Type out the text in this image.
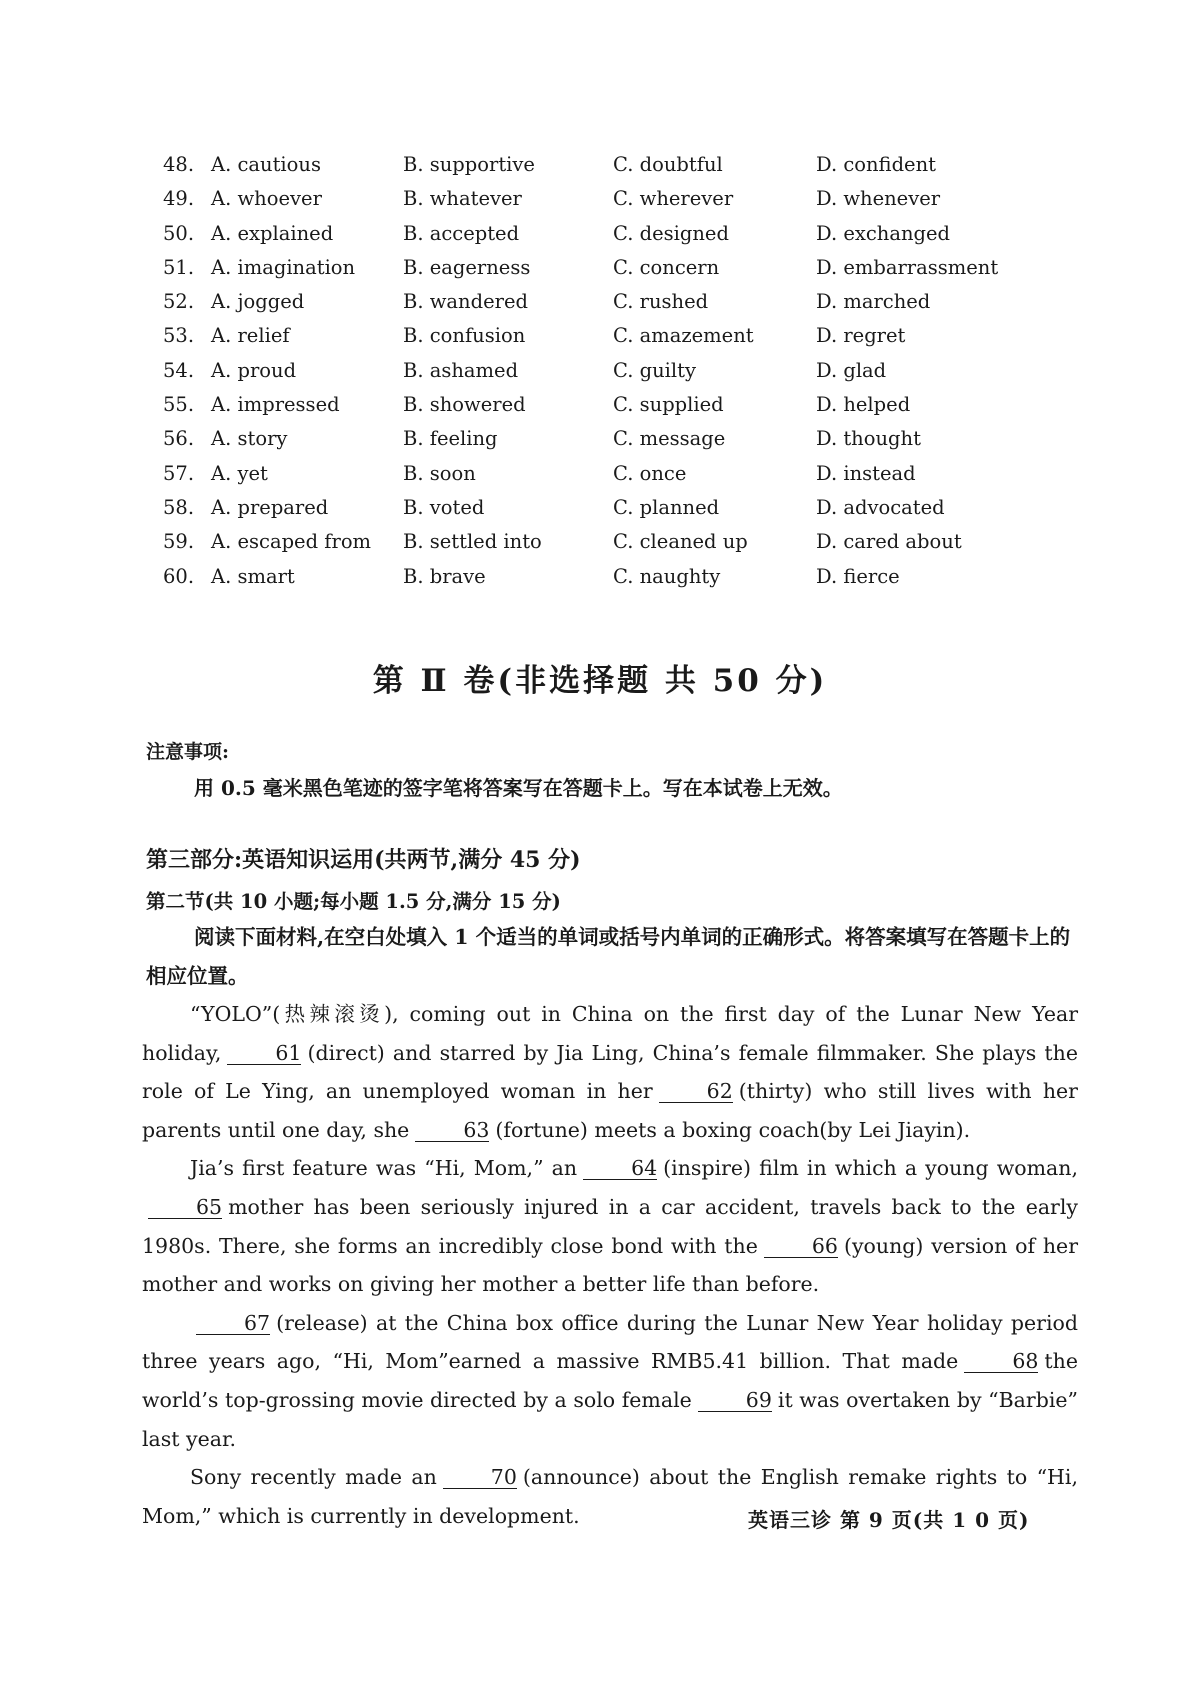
48. A. cautious	B. supportive	C. doubtful	D. confident
49. A. whoever	B. whatever	C. wherever	D. whenever
50. A. explained	B. accepted	C. designed	D. exchanged
51. A. imagination B. eagerness	C. concern	D. embarrassment
52. A. jogged	B. wandered	C. rushed	D. marched
53. A. relief	B. confusion	C. amazement	D. regret
54. A. proud	B. ashamed	C. guilty	D. glad
55. A. impressed	B. showered	C. supplied	D. helped
56. A. story	B. feeling	C. message	D. thought
57. A. yet	B. soon	C. once	D. instead
58. A. prepared	B. voted	C. planned	D. advocated
59. A. escaped from B. settled into	C. cleaned up	D. cared about
60. A. smart	B. brave	C. naughty	D. fierce
第 Ⅱ 卷(非选择题 共 50 分)
注意事项:
用 0.5 毫米黑色笔迹的签字笔将答案写在答题卡上。写在本试卷上无效。
第三部分:英语知识运用(共两节,满分 45 分)
第二节(共 10 小题;每小题 1.5 分,满分 15 分)
阅读下面材料,在空白处填入 1 个适当的单词或括号内单词的正确形式。将答案填写在答题卡上的相应位置。

“YOLO”(热辣滚烫), coming out in China on the first day of the Lunar New Year holiday,	61 (direct) and starred by Jia Ling, China’s female filmmaker. She plays the role of Le Ying, an unemployed woman in her	62 (thirty) who still lives with her parents until one day, she	63 (fortune) meets a boxing coach(by Lei Jiayin).

Jia’s first feature was “Hi, Mom,” an	64 (inspire) film in which a young woman,65 mother has been seriously injured in a car accident, travels back to the early 1980s. There, she forms an incredibly close bond with the	66 (young) version of her mother and works on giving her mother a better life than before.

67 (release) at the China box office during the Lunar New Year holiday period three years ago, “Hi, Mom”earned a massive RMB5.41 billion. That made	68 the world’s top-grossing movie directed by a solo female	69 it was overtaken by “Barbie” last year.

Sony recently made an	70 (announce) about the English remake rights to “Hi, Mom,” which is currently in development.	英语三诊 第 9 页(共 1 0 页)
